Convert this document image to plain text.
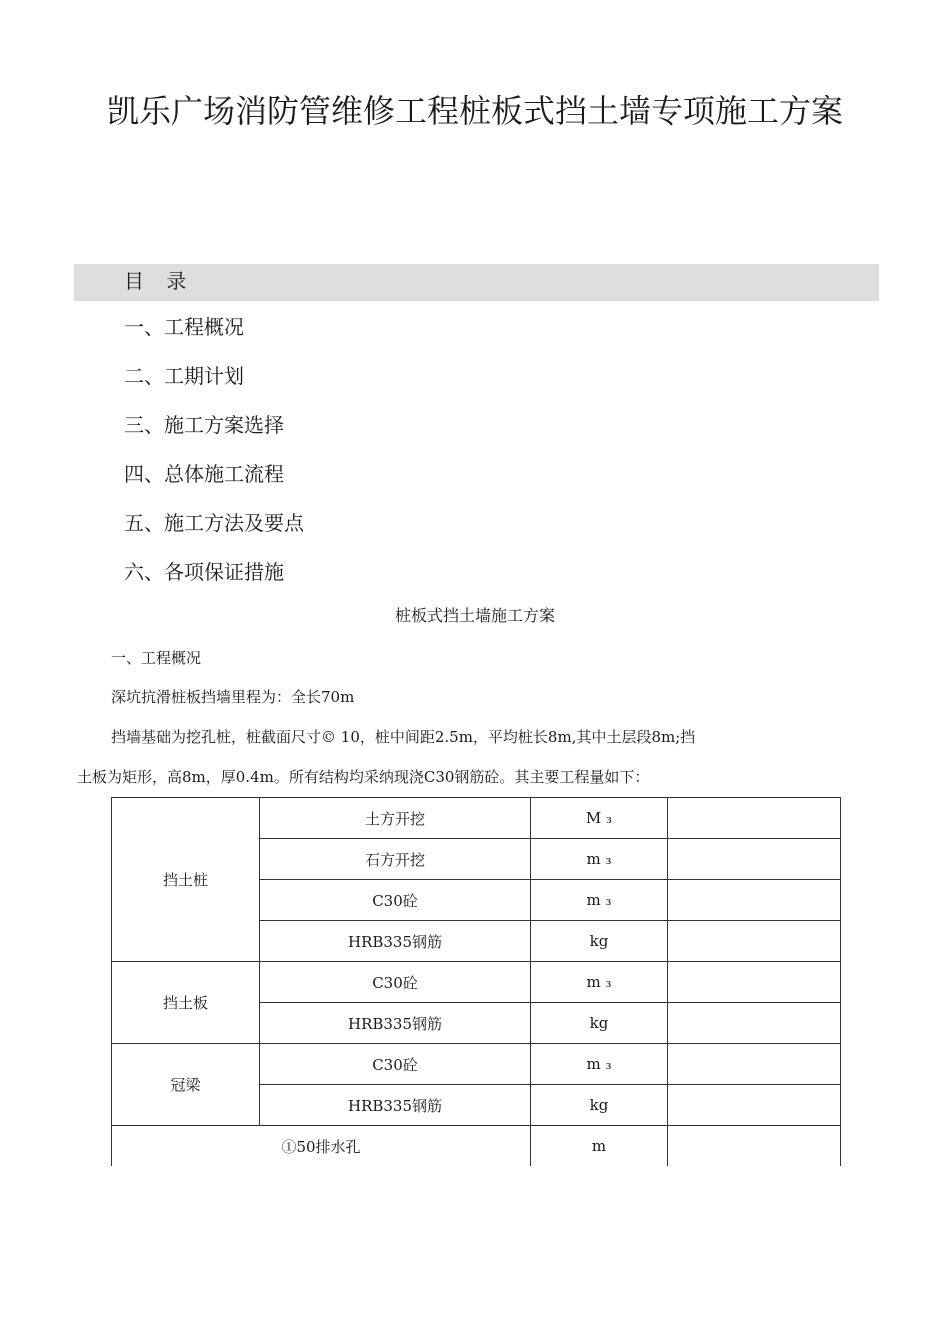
凯乐广场消防管维修工程桩板式挡土墙专项施工方案
目 录
一、工程概况
二、工期计划
三、施工方案选择
四、总体施工流程
五、施工方法及要点
六、各项保证措施
桩板式挡土墙施工方案
一、工程概况
深坑抗滑桩板挡墙里程为：全长70m
挡墙基础为挖孔桩，桩截面尺寸© 10，桩中间距2.5m，平均桩长8m,其中土层段8m;挡
土板为矩形，高8m，厚0.4m。所有结构均采纳现浇C30钢筋砼。其主要工程量如下：
挡土桩	土方开挖	M ₃	
	石方开挖	m ₃	
	C30砼	m ₃	
	HRB335钢筋	kg	
挡土板	C30砼	m ₃	
	HRB335钢筋	kg	
冠梁	C30砼	m ₃	
	HRB335钢筋	kg	
①50排水孔		m	
